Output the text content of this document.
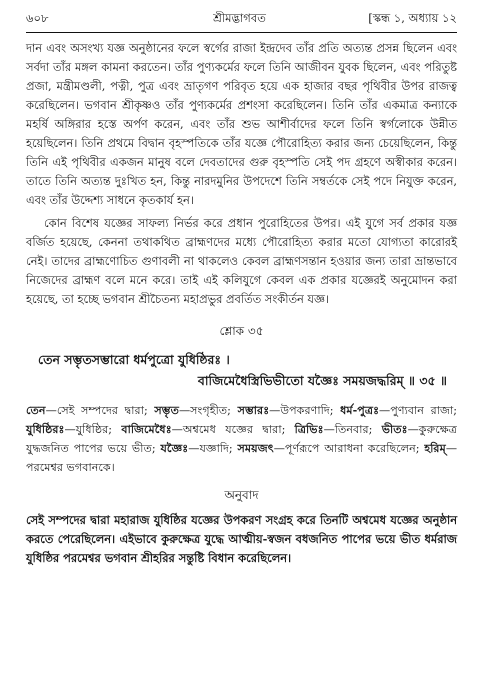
৬০৮	শ্রীমদ্ভাগবত	[স্কন্ধ ১, অধ্যায় ১২

দান এবং অসংখ্য যজ্ঞ অনুষ্ঠানের ফলে স্বর্গের রাজা ইন্দ্রদেব তাঁর প্রতি অত্যন্ত প্রসন্ন ছিলেন এবং সর্বদা তাঁর মঙ্গল কামনা করতেন। তাঁর পুণ্যকর্মের ফলে তিনি আজীবন যুবক ছিলেন, এবং পরিতুষ্ট প্রজা, মন্ত্রীমণ্ডলী, পত্নী, পুত্র এবং ভ্রাতৃগণ পরিবৃত হয়ে এক হাজার বছর পৃথিবীর উপর রাজত্ব করেছিলেন। ভগবান শ্রীকৃষ্ণও তাঁর পুণ্যকর্মের প্রশংসা করেছিলেন। তিনি তাঁর একমাত্র কন্যাকে মহর্ষি অঙ্গিরার হস্তে অর্পণ করেন, এবং তাঁর শুভ আশীর্বাদের ফলে তিনি স্বর্গলোকে উন্নীত হয়েছিলেন। তিনি প্রথমে বিদ্বান বৃহস্পতিকে তাঁর যজ্ঞে পৌরোহিত্য করার জন্য চেয়েছিলেন, কিন্তু তিনি এই পৃথিবীর একজন মানুষ বলে দেবতাদের গুরু বৃহস্পতি সেই পদ গ্রহণে অস্বীকার করেন। তাতে তিনি অত্যন্ত দুঃখিত হন, কিন্তু নারদমুনির উপদেশে তিনি সম্বর্তকে সেই পদে নিযুক্ত করেন, এবং তাঁর উদ্দেশ্য সাধনে কৃতকার্য হন।

কোন বিশেষ যজ্ঞের সাফল্য নির্ভর করে প্রধান পুরোহিতের উপর। এই যুগে সর্ব প্রকার যজ্ঞ বর্জিত হয়েছে, কেননা তথাকথিত ব্রাহ্মণদের মধ্যে পৌরোহিত্য করার মতো যোগ্যতা কারোরই নেই। তাদের ব্রাহ্মণোচিত গুণাবলী না থাকলেও কেবল ব্রাহ্মণসন্তান হওয়ার জন্য তারা ভ্রান্তভাবে নিজেদের ব্রাহ্মণ বলে মনে করে। তাই এই কলিযুগে কেবল এক প্রকার যজ্ঞেরই অনুমোদন করা হয়েছে, তা হচ্ছে ভগবান শ্রীচৈতন্য মহাপ্রভুর প্রবর্তিত সংকীর্তন যজ্ঞ।

শ্লোক ৩৫
তেন সম্ভৃতসম্ভারো ধর্মপুত্রো যুধিষ্ঠিরঃ ।
বাজিমেধৈস্ত্রিভিভীতো যজ্ঞৈঃ সময়জদ্ধরিম্ ॥ ৩৫ ॥
তেন—সেই সম্পদের দ্বারা; সম্ভৃত—সংগৃহীত; সম্ভারঃ—উপকরণাদি; ধর্ম-পুত্রঃ—পুণ্যবান রাজা; যুধিষ্ঠিরঃ—যুধিষ্ঠির; বাজিমেধৈঃ—অশ্বমেধ যজ্ঞের দ্বারা; ত্রিভিঃ—তিনবার; ভীতঃ—কুরুক্ষেত্র যুদ্ধজনিত পাপের ভয়ে ভীত; যজ্ঞৈঃ—যজ্ঞাদি; সময়জৎ—পূর্ণরূপে আরাধনা করেছিলেন; হরিম্—পরমেশ্বর ভগবানকে।
অনুবাদ
সেই সম্পদের দ্বারা মহারাজ যুধিষ্ঠির যজ্ঞের উপকরণ সংগ্রহ করে তিনটি অশ্বমেধ যজ্ঞের অনুষ্ঠান করতে পেরেছিলেন। এইভাবে কুরুক্ষেত্র যুদ্ধে আত্মীয়-স্বজন বধজনিত পাপের ভয়ে ভীত ধর্মরাজ যুধিষ্ঠির পরমেশ্বর ভগবান শ্রীহরির সন্তুষ্টি বিধান করেছিলেন।
